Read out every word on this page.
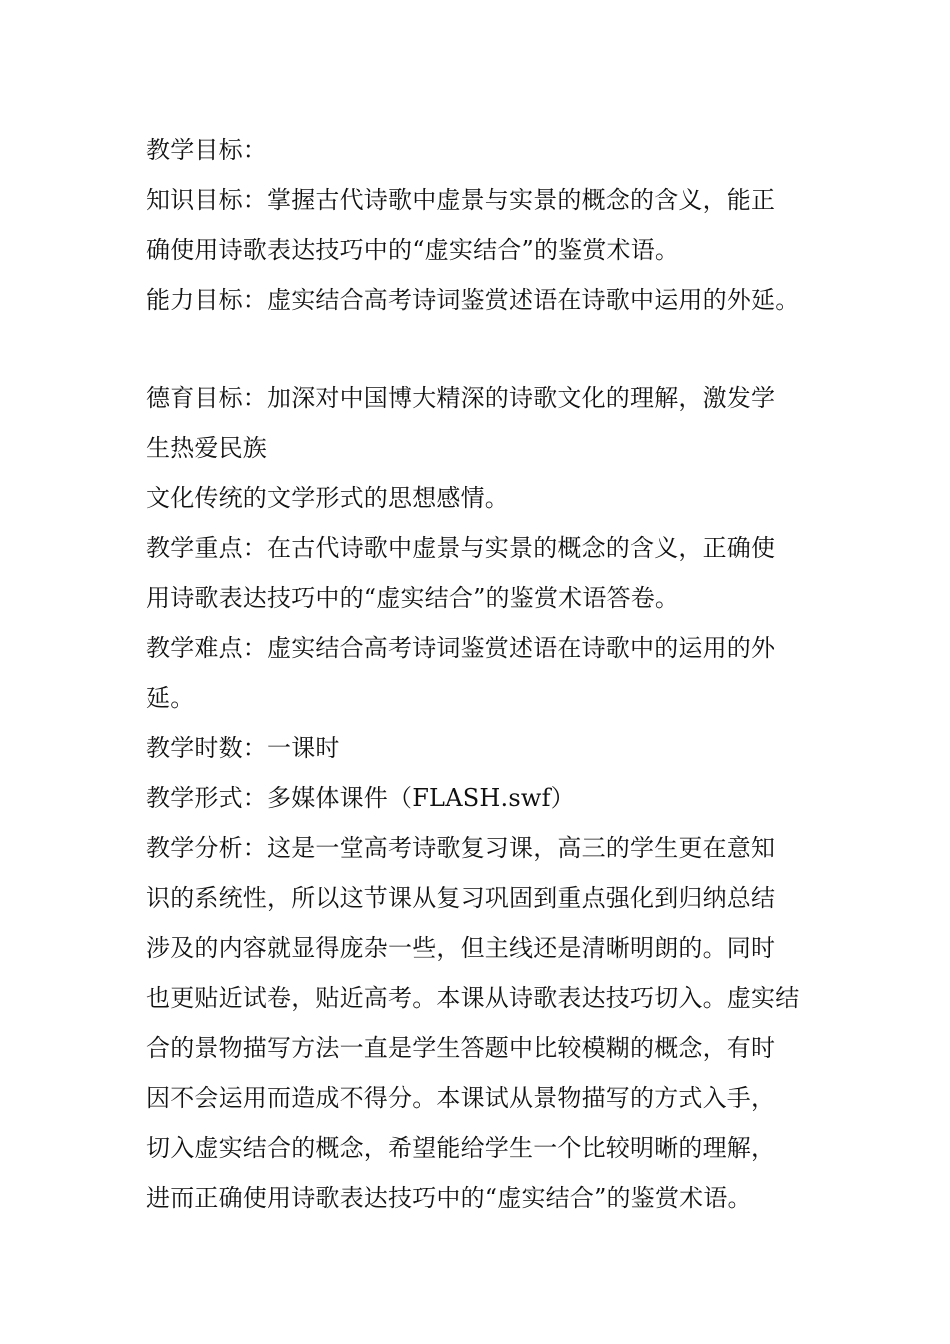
教学目标：
知识目标：掌握古代诗歌中虚景与实景的概念的含义，能正
确使用诗歌表达技巧中的“虚实结合”的鉴赏术语。
能力目标：虚实结合高考诗词鉴赏述语在诗歌中运用的外延。
德育目标：加深对中国博大精深的诗歌文化的理解，激发学
生热爱民族
文化传统的文学形式的思想感情。
教学重点：在古代诗歌中虚景与实景的概念的含义，正确使
用诗歌表达技巧中的“虚实结合”的鉴赏术语答卷。
教学难点：虚实结合高考诗词鉴赏述语在诗歌中的运用的外
延。
教学时数：一课时
教学形式：多媒体课件（FLASH.swf）
教学分析：这是一堂高考诗歌复习课，高三的学生更在意知
识的系统性，所以这节课从复习巩固到重点强化到归纳总结
涉及的内容就显得庞杂一些，但主线还是清晰明朗的。同时
也更贴近试卷，贴近高考。本课从诗歌表达技巧切入。虚实结
合的景物描写方法一直是学生答题中比较模糊的概念，有时
因不会运用而造成不得分。本课试从景物描写的方式入手，
切入虚实结合的概念，希望能给学生一个比较明晰的理解，
进而正确使用诗歌表达技巧中的“虚实结合”的鉴赏术语。
